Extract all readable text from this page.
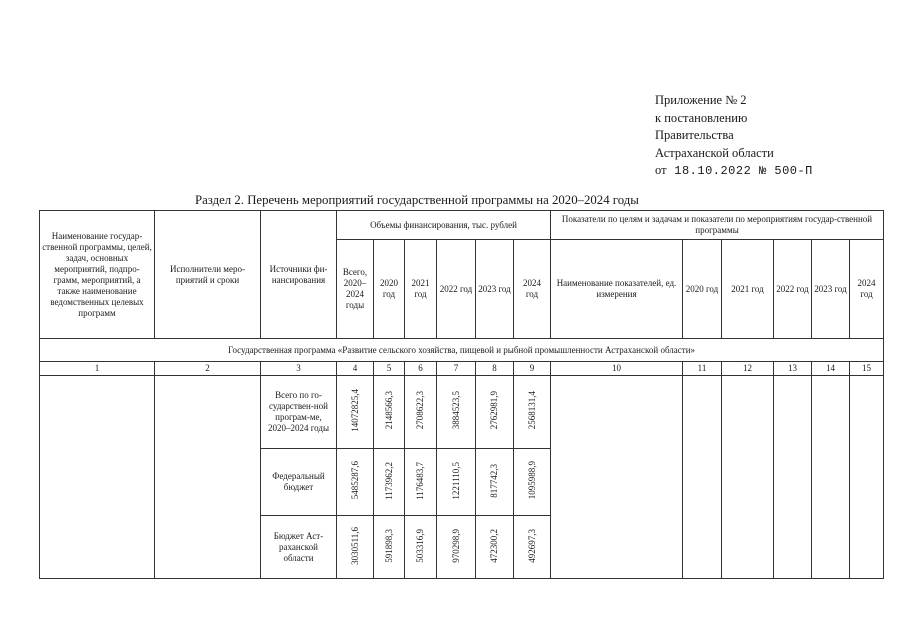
Приложение № 2
к постановлению
Правительства
Астраханской области
от 18.10.2022 № 500-П
Раздел 2. Перечень мероприятий государственной программы на 2020–2024 годы
Наименование государ-ственной программы, целей, задач, основных мероприятий, подпро-грамм, мероприятий, а также наименование ведомственных целевых программ	Исполнители меро-приятий и сроки	Источники фи-нансирования	Объемы финансирования, тыс. рублей						Показатели по целям и задачам и показатели по мероприятиям государ-ственной программы					
			Всего, 2020–2024 годы	2020 год	2021 год	2022 год	2023 год	2024 год	Наименование показателей, ед. измерения	2020 год	2021 год	2022 год	2023 год	2024 год
Государственная программа «Развитие сельского хозяйства, пищевой и рыбной промышленности Астраханской области»														
1	2	3	4	5	6	7	8	9	10	11	12	13	14	15
		Всего по го-сударствен-ной програм-ме, 2020–2024 годы	14072825,4	2148566,3	2708622,3	3884523,5	2762981,9	2568131,4						
		Федеральный бюджет	5485287,6	1173962,2	1176483,7	1221110,5	817742,3	1095988,9						
		Бюджет Аст-раханской области	3030511,6	591898,3	503316,9	970298,9	472300,2	492697,3						
